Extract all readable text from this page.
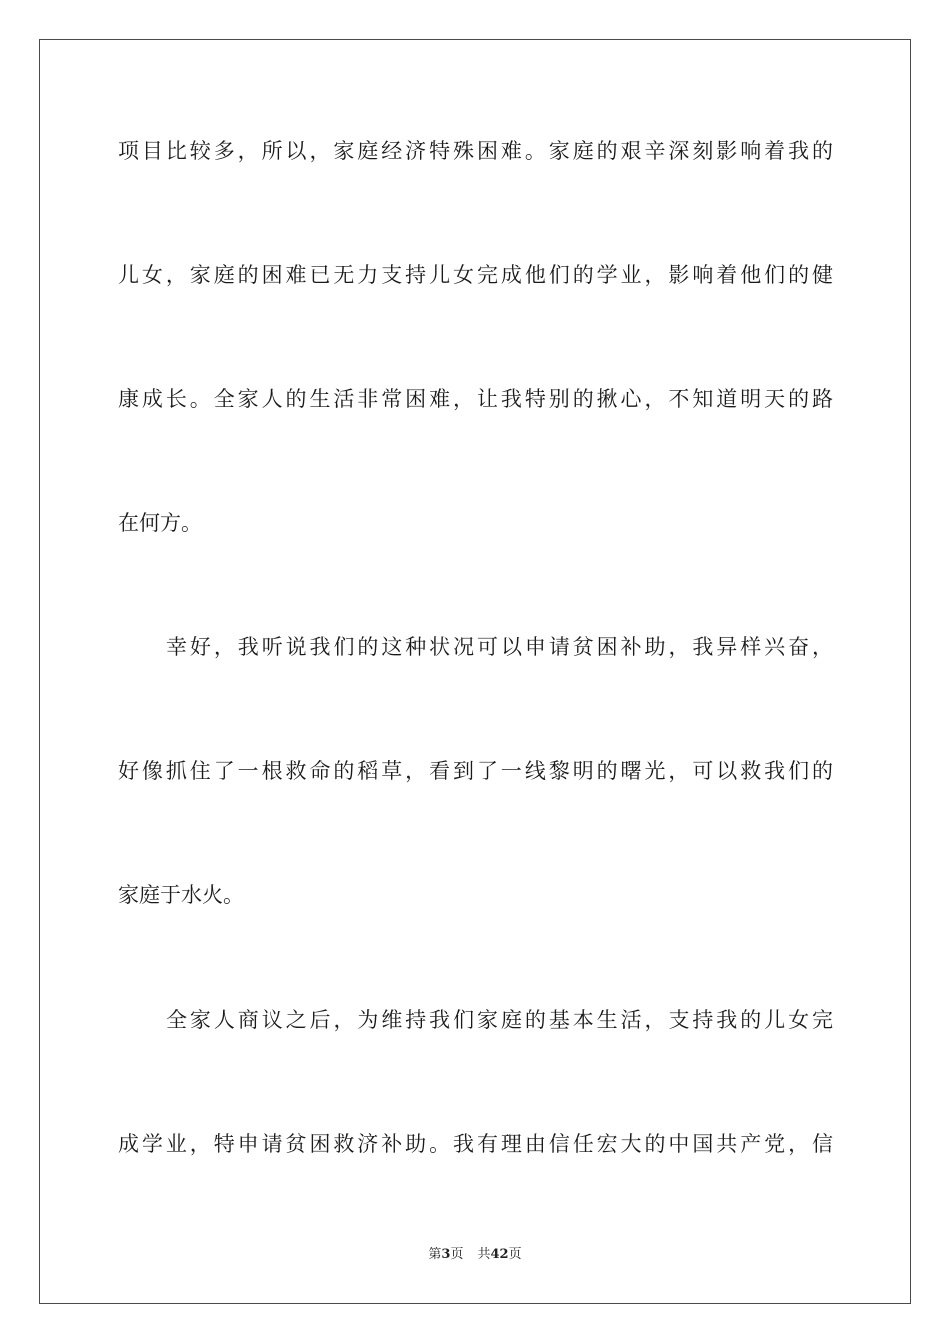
项目比较多，所以，家庭经济特殊困难。家庭的艰辛深刻影响着我的
儿女，家庭的困难已无力支持儿女完成他们的学业，影响着他们的健
康成长。全家人的生活非常困难，让我特别的揪心，不知道明天的路
在何方。
幸好，我听说我们的这种状况可以申请贫困补助，我异样兴奋，
好像抓住了一根救命的稻草，看到了一线黎明的曙光，可以救我们的
家庭于水火。
全家人商议之后，为维持我们家庭的基本生活，支持我的儿女完
成学业，特申请贫困救济补助。我有理由信任宏大的中国共产党，信
第3页 共42页
